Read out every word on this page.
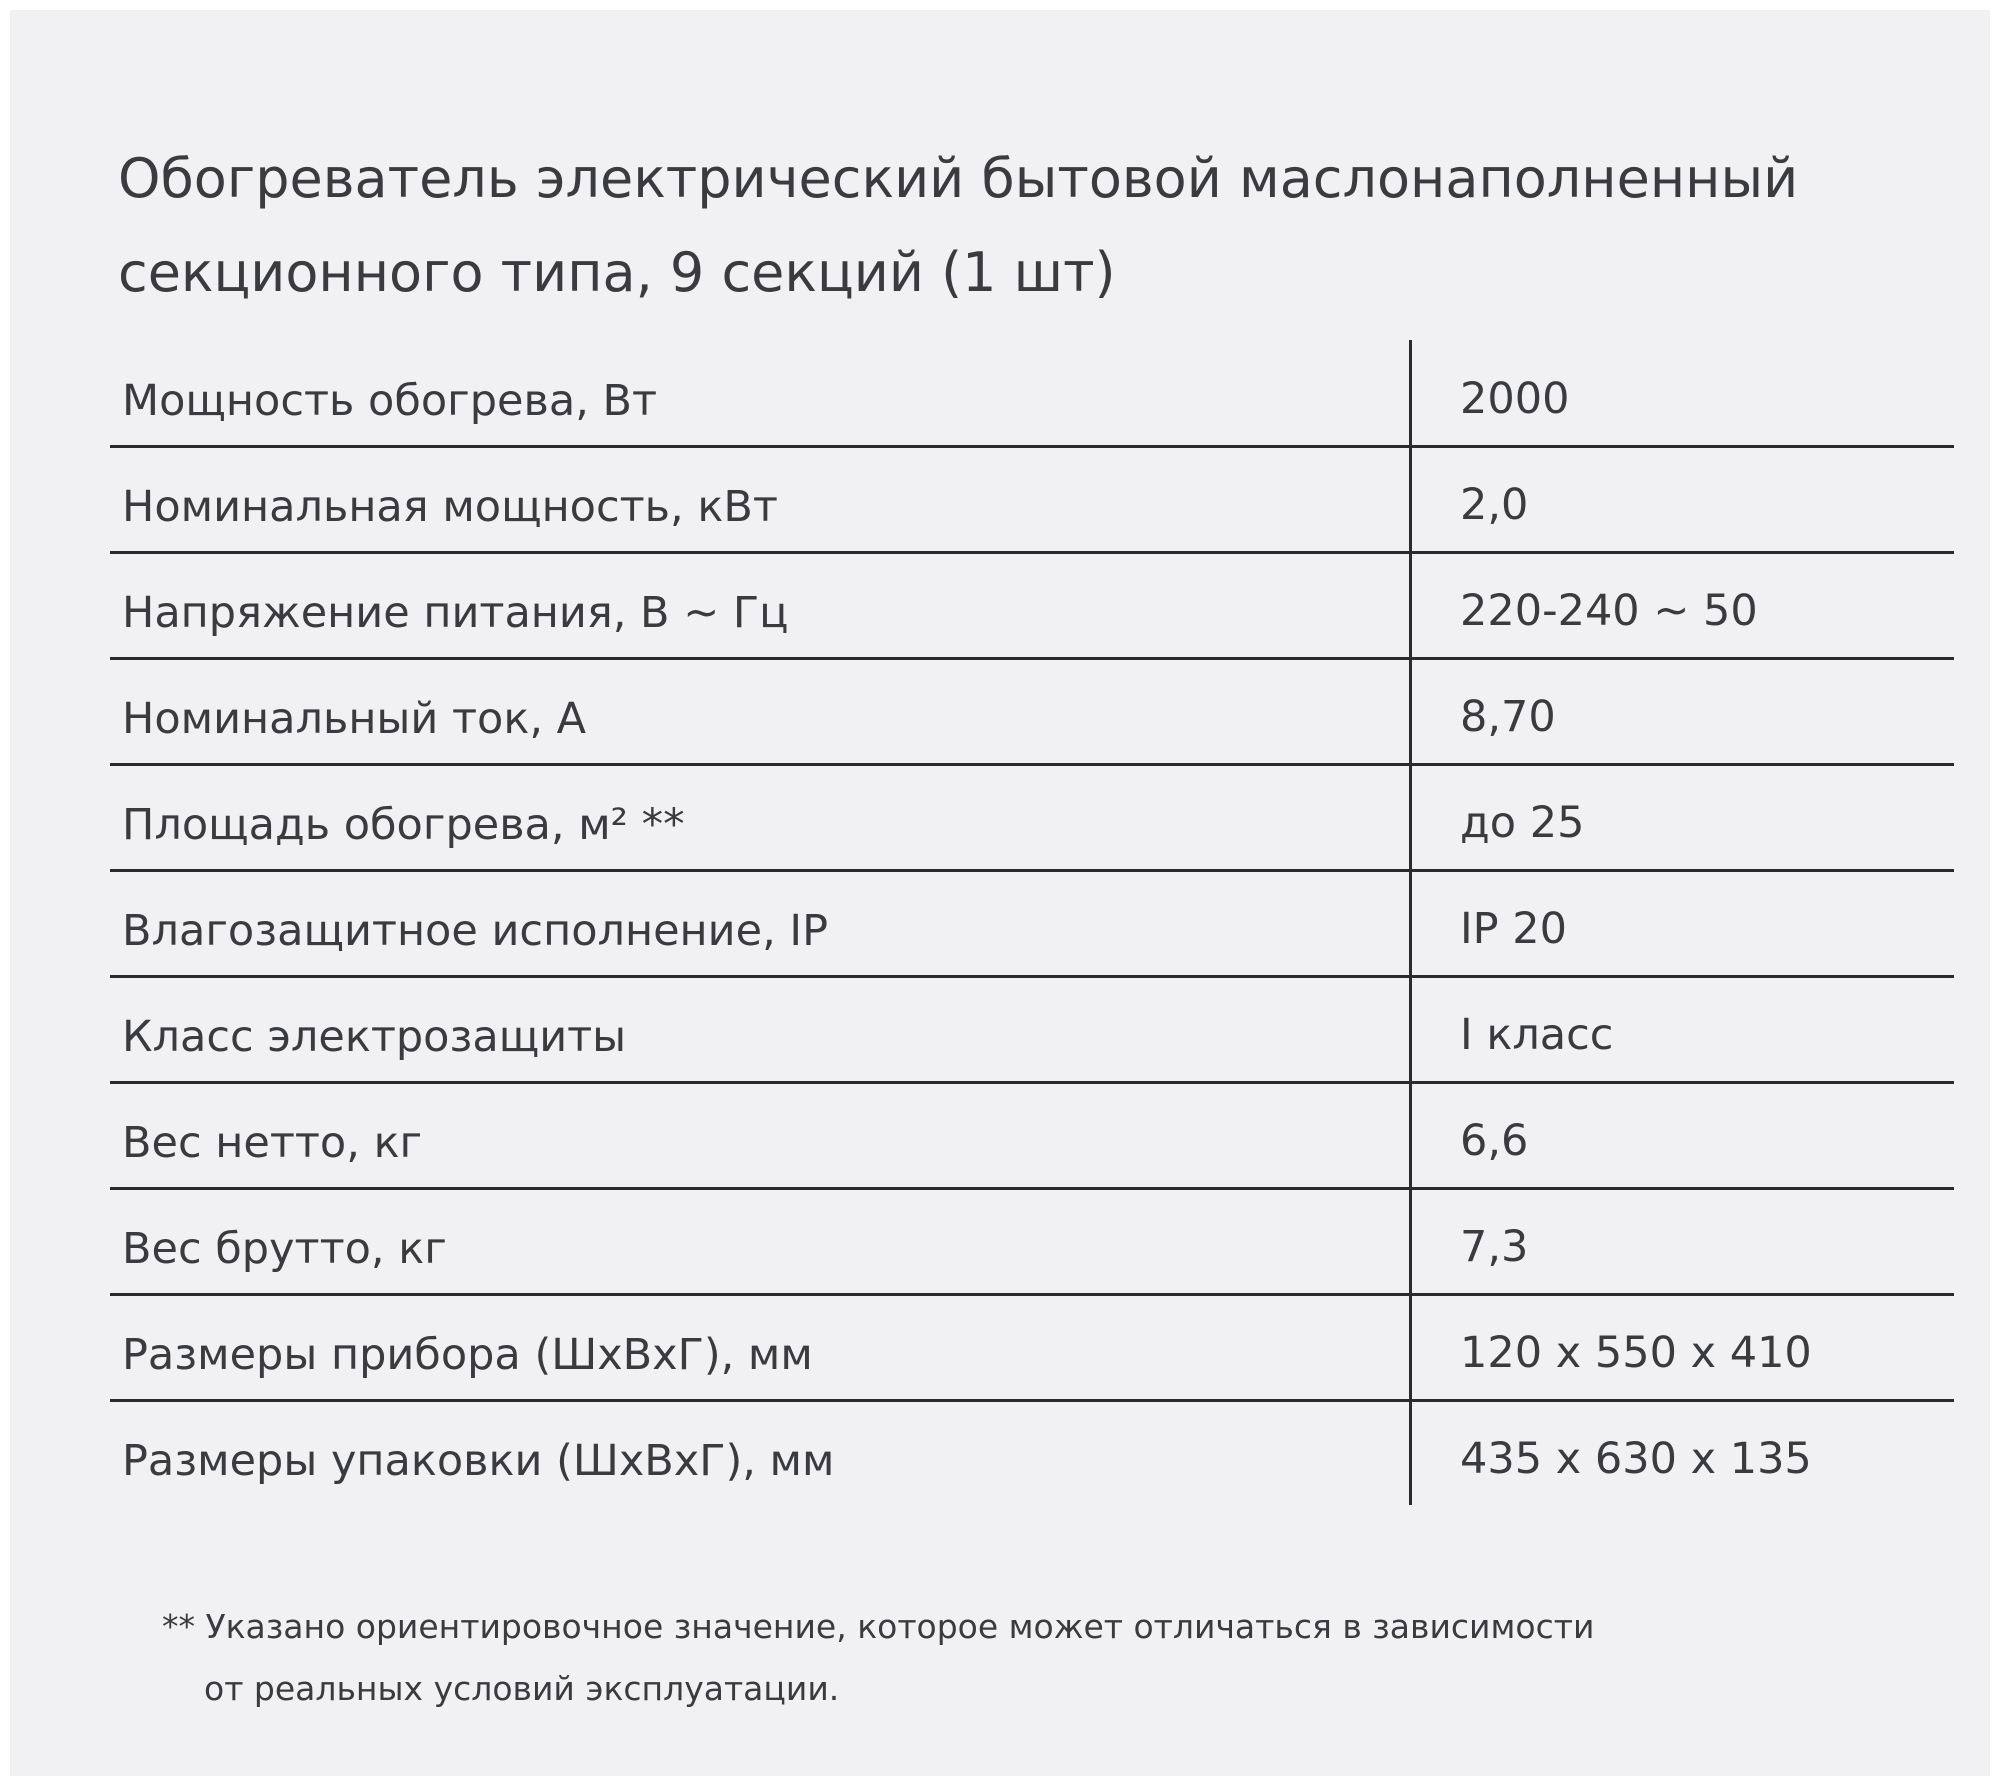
Обогреватель электрический бытовой маслонаполненный
секционного типа, 9 секций (1 шт)
Мощность обогрева, Вт	2000
Номинальная мощность, кВт	2,0
Напряжение питания, В ~ Гц	220-240 ~ 50
Номинальный ток, А	8,70
Площадь обогрева, м² **	до 25
Влагозащитное исполнение, IP	IP 20
Класс электрозащиты	I класс
Вес нетто, кг	6,6
Вес брутто, кг	7,3
Размеры прибора (ШхВхГ), мм	120 x 550 x 410
Размеры упаковки (ШхВхГ), мм	435 x 630 x 135

** Указано ориентировочное значение, которое может отличаться в зависимости
от реальных условий эксплуатации.
